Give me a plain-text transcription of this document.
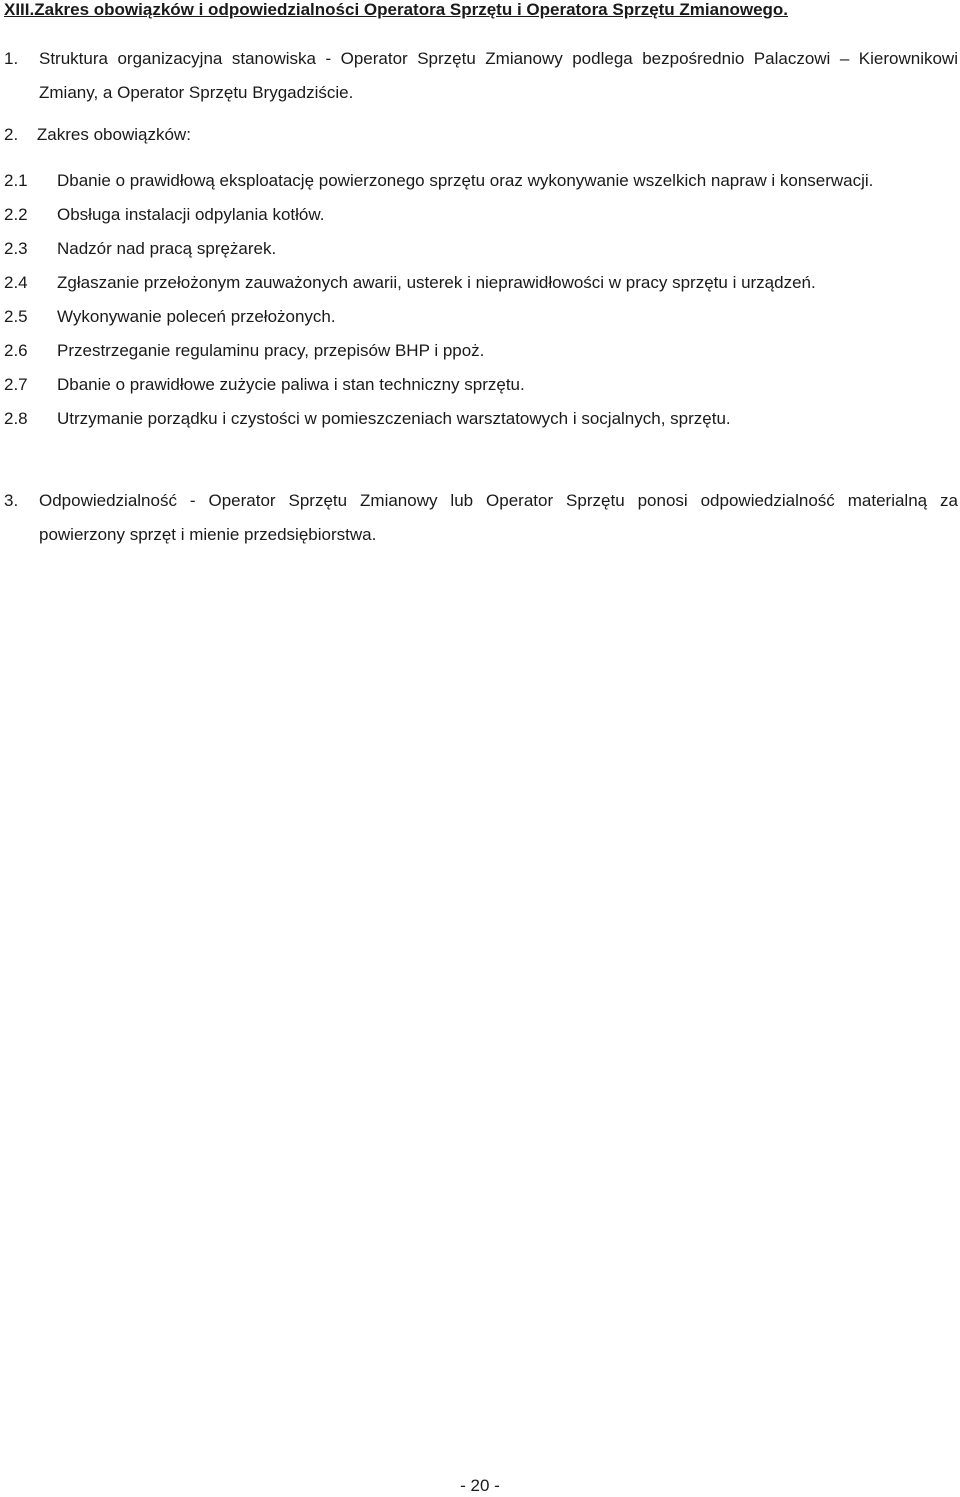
XIII.Zakres obowiązków i odpowiedzialności Operatora Sprzętu i Operatora Sprzętu Zmianowego.
1. Struktura organizacyjna stanowiska - Operator Sprzętu Zmianowy podlega bezpośrednio Palaczowi – Kierownikowi Zmiany, a Operator Sprzętu Brygadziście.
2. Zakres obowiązków:
2.1 Dbanie o prawidłową eksploatację powierzonego sprzętu oraz wykonywanie wszelkich napraw i konserwacji.
2.2 Obsługa instalacji odpylania kotłów.
2.3 Nadzór nad pracą sprężarek.
2.4 Zgłaszanie przełożonym zauważonych awarii, usterek i nieprawidłowości w pracy sprzętu i urządzeń.
2.5 Wykonywanie poleceń przełożonych.
2.6 Przestrzeganie regulaminu pracy, przepisów BHP i ppoż.
2.7 Dbanie o prawidłowe zużycie paliwa i stan techniczny sprzętu.
2.8 Utrzymanie porządku i czystości w pomieszczeniach warsztatowych i socjalnych, sprzętu.
3. Odpowiedzialność - Operator Sprzętu Zmianowy lub Operator Sprzętu ponosi odpowiedzialność materialną za powierzony sprzęt i mienie przedsiębiorstwa.
- 20 -
